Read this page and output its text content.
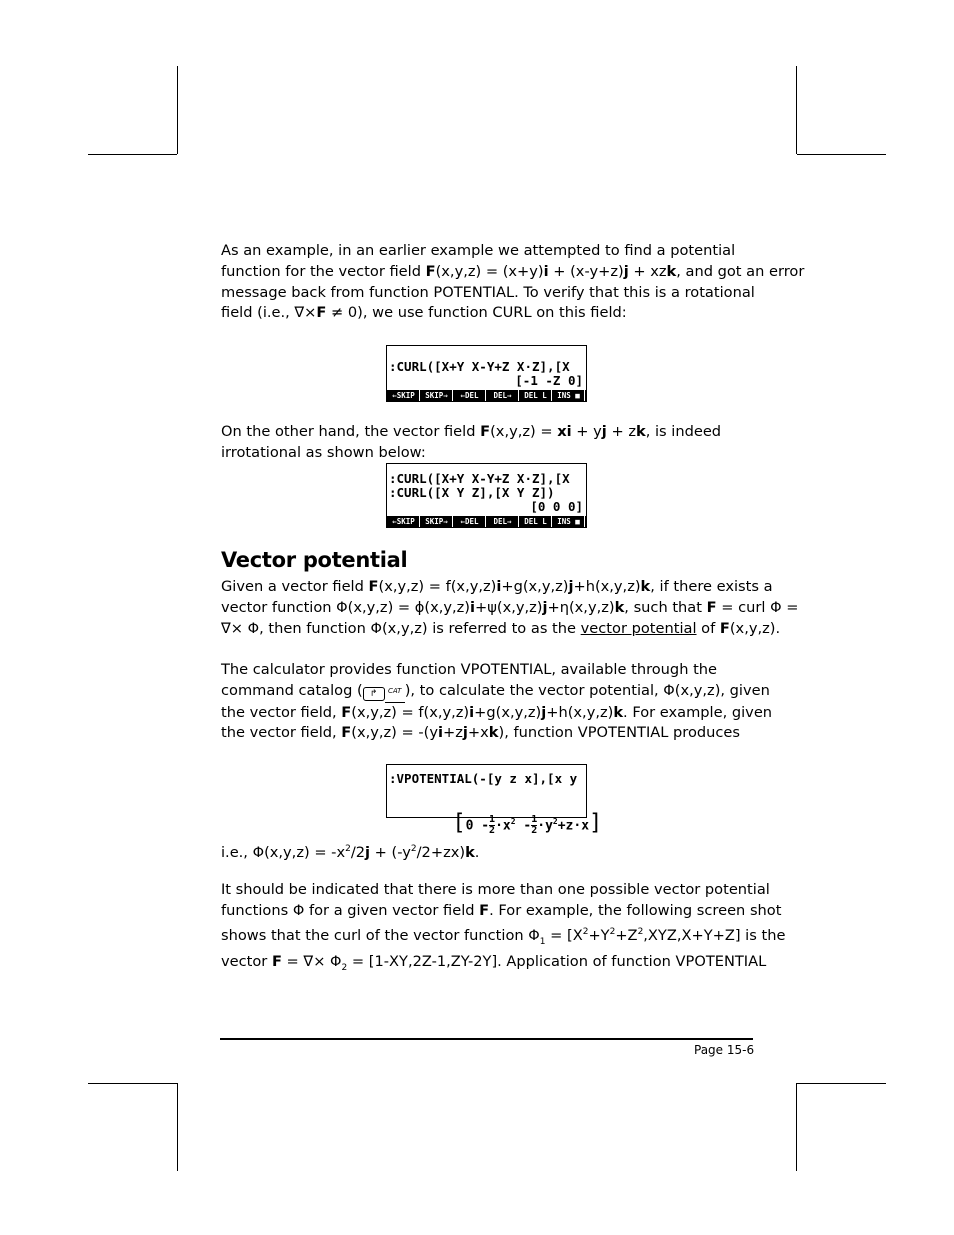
As an example, in an earlier example we attempted to find a potential
function for the vector field F(x,y,z) = (x+y)i + (x-y+z)j + xzk, and got an error
message back from function POTENTIAL. To verify that this is a rotational
field (i.e., ∇×F ≠ 0), we use function CURL on this field:
:CURL([X+Y X-Y+Z X·Z],[X
[-1 -Z 0]
⇐SKIP	SKIP⇒	⇐DEL	DEL⇒	DEL L	INS ■
On the other hand, the vector field F(x,y,z) = xi + yj + zk, is indeed
irrotational as shown below:
:CURL([X+Y X-Y+Z X·Z],[X
:CURL([X Y Z],[X Y Z])
[0 0 0]
⇐SKIP	SKIP⇒	⇐DEL	DEL⇒	DEL L	INS ■
Vector potential
Given a vector field F(x,y,z) = f(x,y,z)i+g(x,y,z)j+h(x,y,z)k, if there exists a
vector function Φ(x,y,z) = ϕ(x,y,z)i+ψ(x,y,z)j+η(x,y,z)k, such that F = curl Φ =
∇× Φ, then function Φ(x,y,z) is referred to as the vector potential of F(x,y,z).
The calculator provides function VPOTENTIAL, available through the
command catalog ( ↱ CAT ), to calculate the vector potential, Φ(x,y,z), given
the vector field, F(x,y,z) = f(x,y,z)i+g(x,y,z)j+h(x,y,z)k. For example, given
the vector field, F(x,y,z) = -(yi+zj+xk), function VPOTENTIAL produces
:VPOTENTIAL(-[y z x],[x y

$[0 - \frac{1}{2}\cdot x^2 - \frac{1}{2}\cdot y^2+z\cdot x]$

i.e., $\Phi(x,y,z) = -x^2/2j + (-y^2/2+zx)k$.
It should be indicated that there is more than one possible vector potential
functions Φ for a given vector field F. For example, the following screen shot
shows that the curl of the vector function $\Phi_1 = [X^2+Y^2+Z^2,XYZ,X+Y+Z]$ is the
vector F = ∇× $\Phi_2 = [1-XY,2Z-1,ZY-2Y]$. Application of function VPOTENTIAL
Page 15-6
